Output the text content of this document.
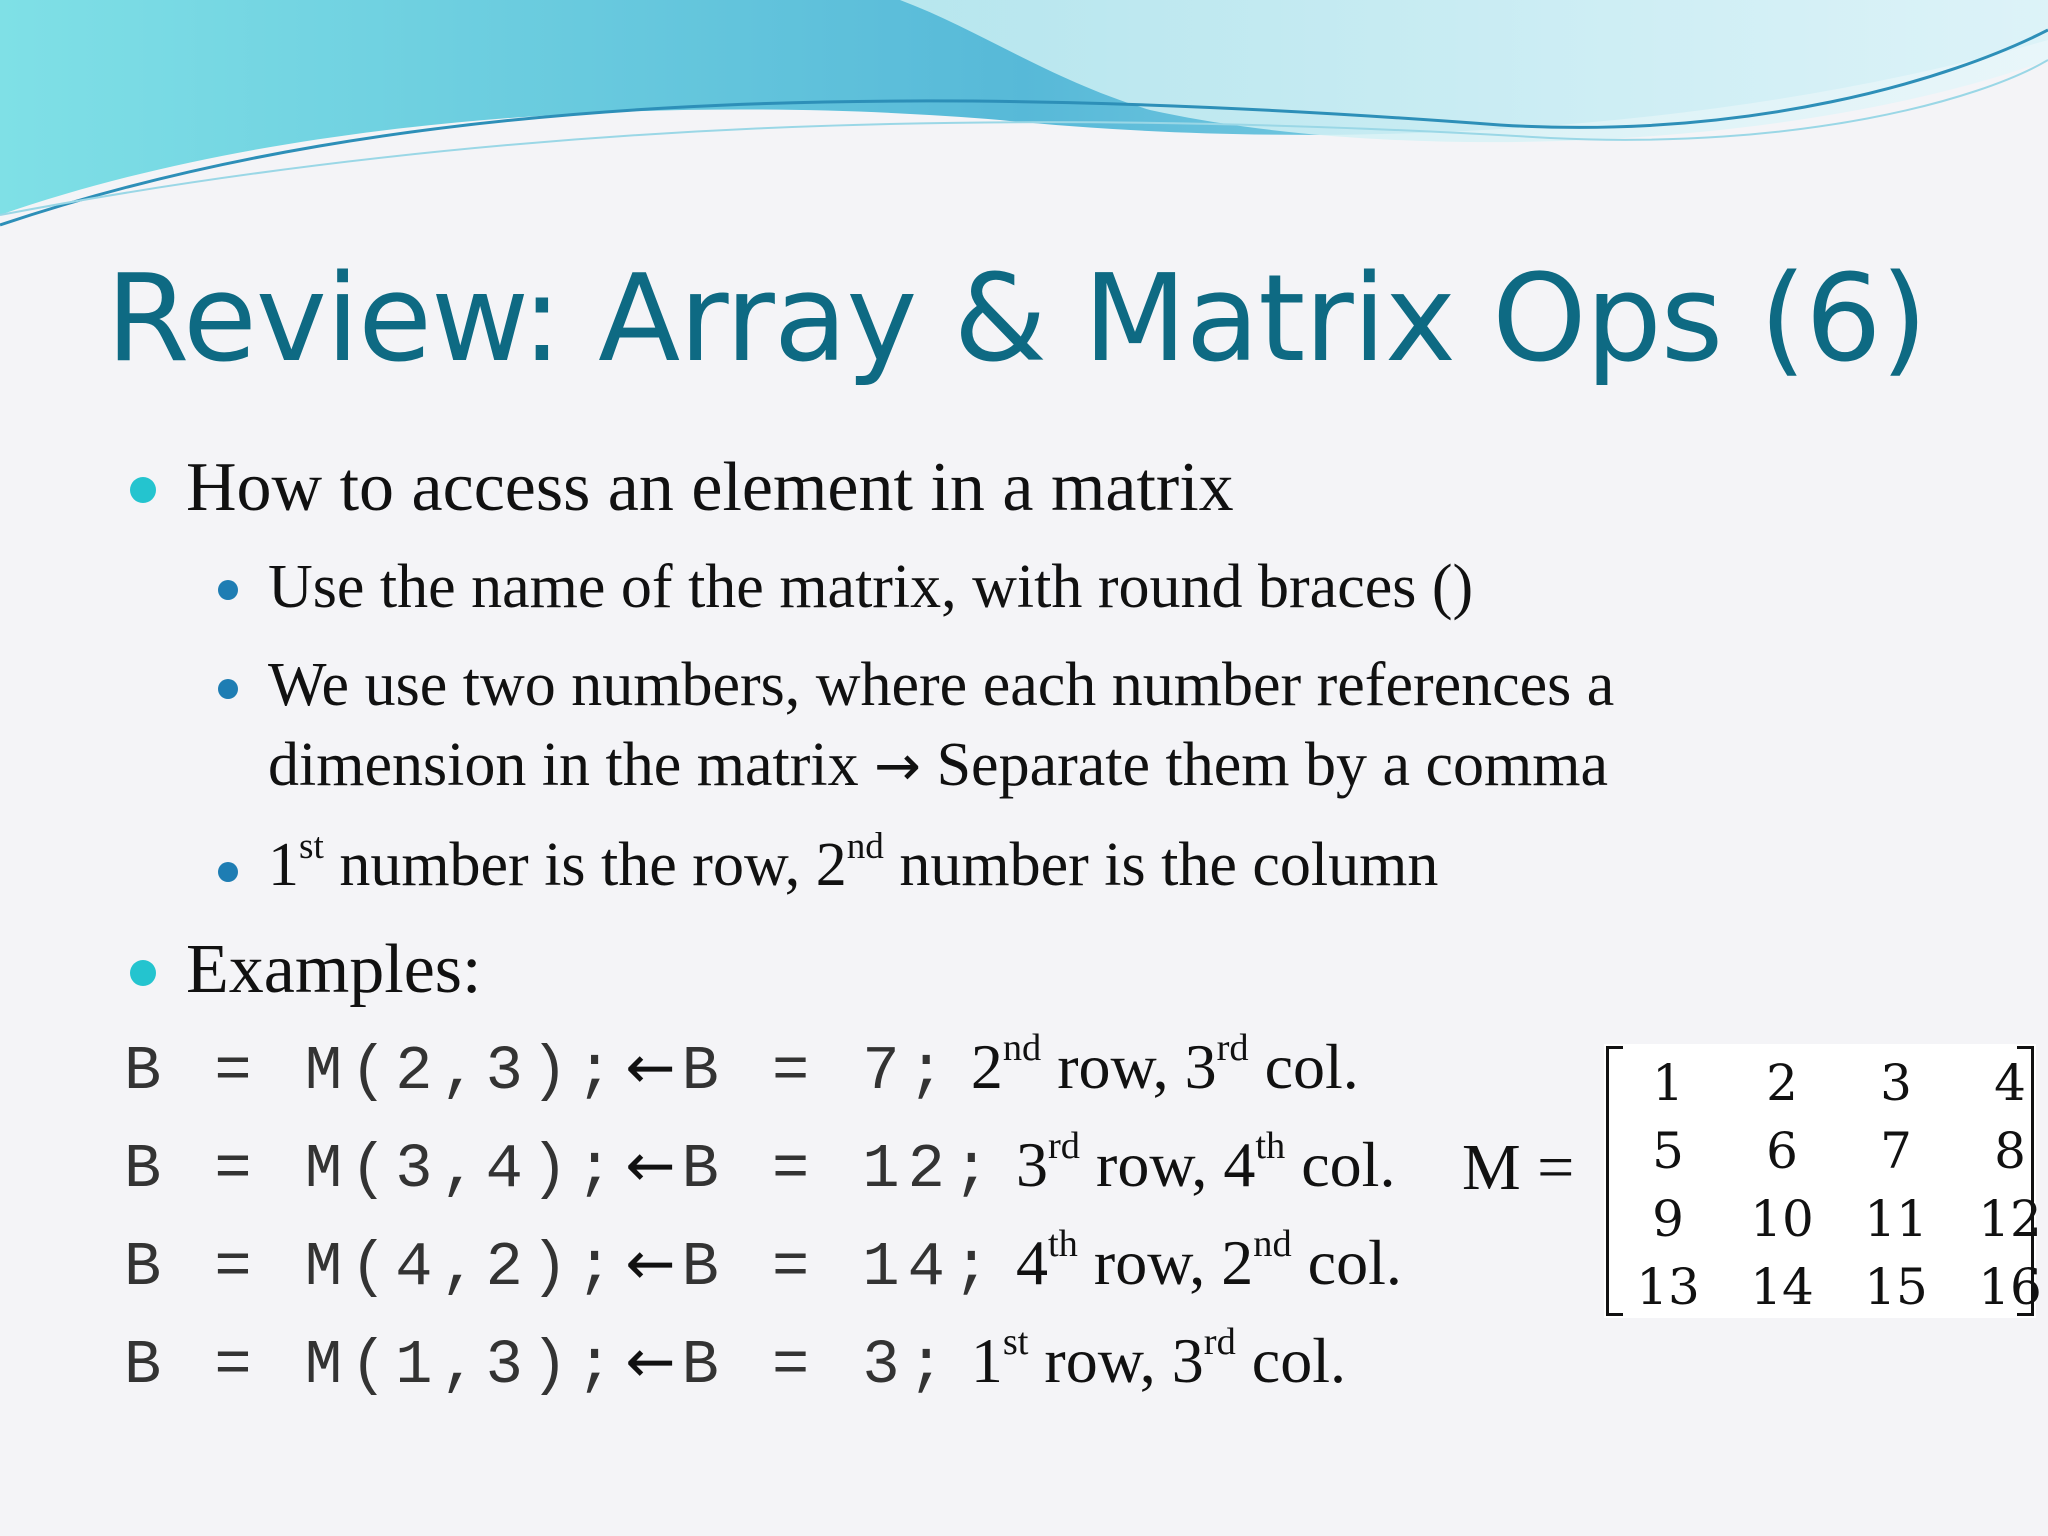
Review: Array & Matrix Ops (6)
How to access an element in a matrix
Use the name of the matrix, with round braces ()
We use two numbers, where each number references a
dimension in the matrix → Separate them by a comma
1st number is the row, 2nd number is the column
Examples:
B = M(2,3);←B = 7; 2nd row, 3rd col.
B = M(3,4);←B = 12; 3rd row, 4th col.
B = M(4,2);←B = 14; 4th row, 2nd col.
B = M(1,3);←B = 3; 1st row, 3rd col.
M =
1	2	3	4
5	6	7	8
9	10	11	12
13	14	15	16
